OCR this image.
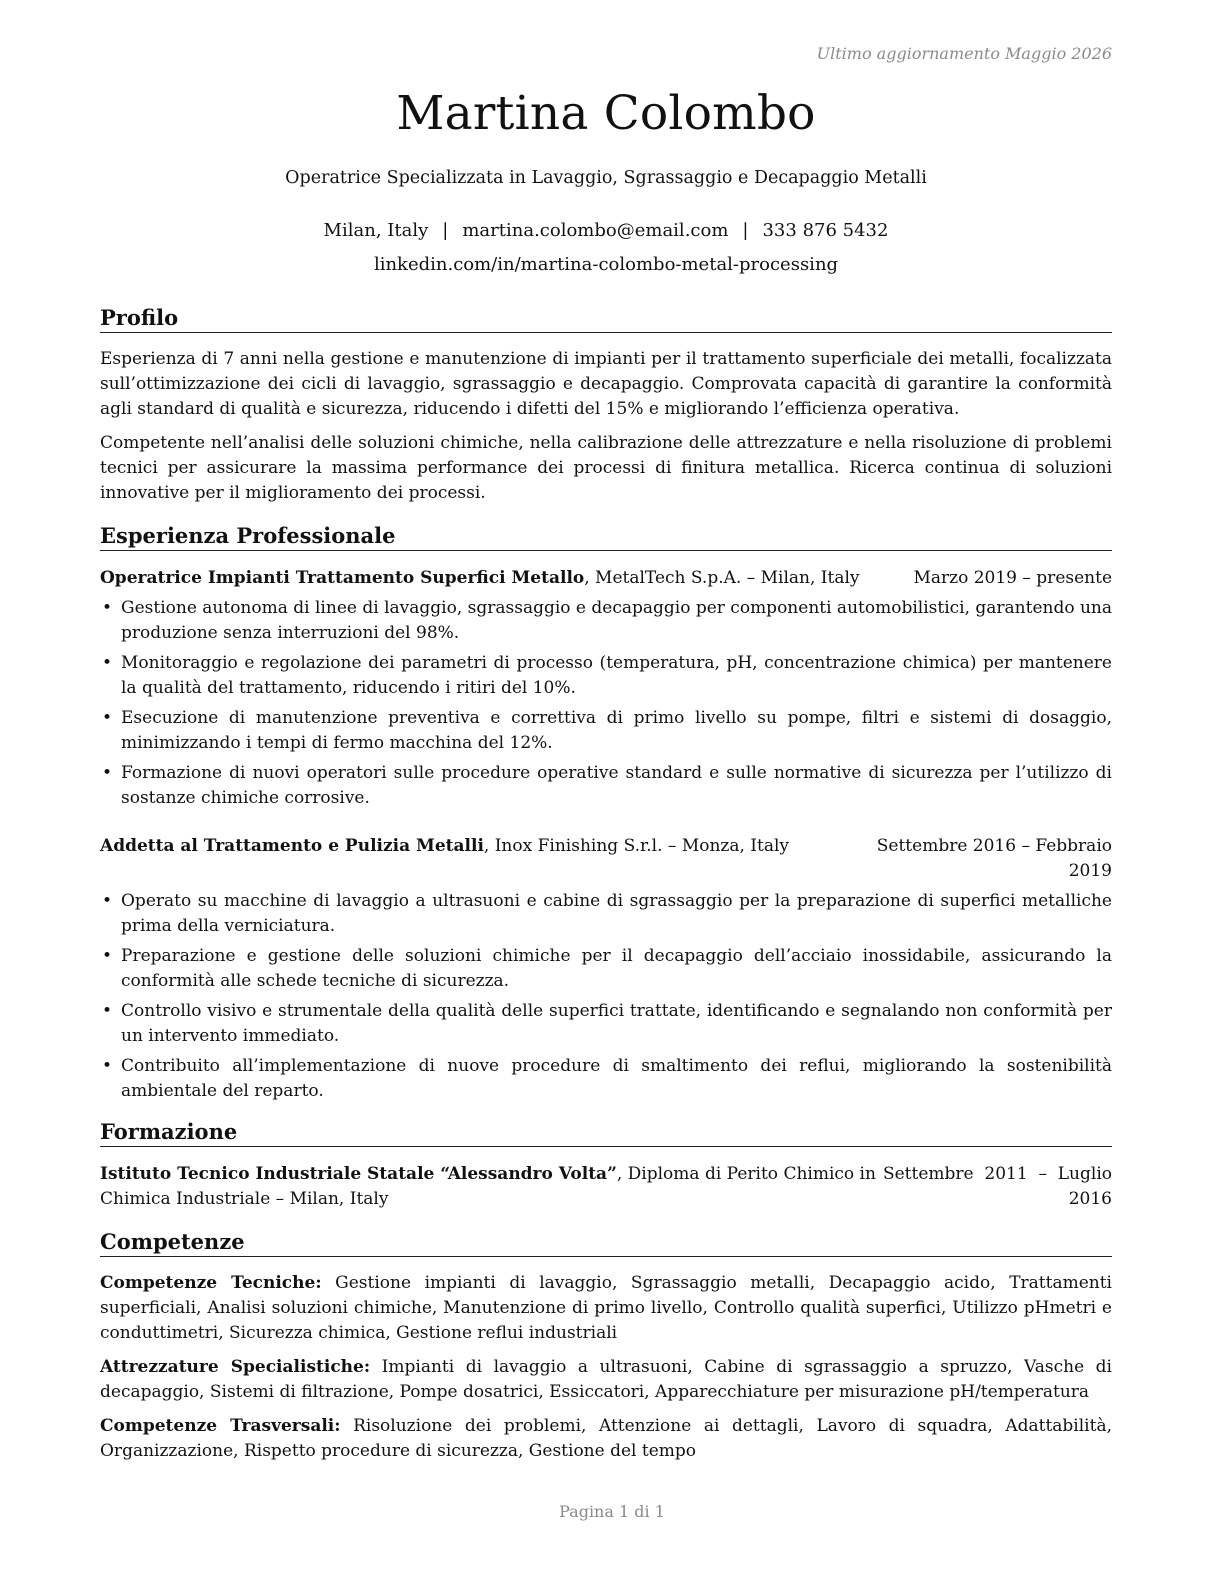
Ultimo aggiornamento Maggio 2026
Martina Colombo
Operatrice Specializzata in Lavaggio, Sgrassaggio e Decapaggio Metalli
Milan, Italy | martina.colombo@email.com | 333 876 5432
linkedin.com/in/martina-colombo-metal-processing
Profilo
Esperienza di 7 anni nella gestione e manutenzione di impianti per il trattamento superficiale dei metalli, focalizzata sull’ottimizzazione dei cicli di lavaggio, sgrassaggio e decapaggio. Comprovata capacità di garantire la conformità agli standard di qualità e sicurezza, riducendo i difetti del 15% e migliorando l’efficienza operativa.
Competente nell’analisi delle soluzioni chimiche, nella calibrazione delle attrezzature e nella risoluzione di problemi tecnici per assicurare la massima performance dei processi di finitura metallica. Ricerca continua di soluzioni innovative per il miglioramento dei processi.
Esperienza Professionale
Operatrice Impianti Trattamento Superfici Metallo, MetalTech S.p.A. – Milan, Italy	Marzo 2019 – presente
• Gestione autonoma di linee di lavaggio, sgrassaggio e decapaggio per componenti automobilistici, garantendo una produzione senza interruzioni del 98%.
• Monitoraggio e regolazione dei parametri di processo (temperatura, pH, concentrazione chimica) per mantenere la qualità del trattamento, riducendo i ritiri del 10%.
• Esecuzione di manutenzione preventiva e correttiva di primo livello su pompe, filtri e sistemi di dosaggio, minimizzando i tempi di fermo macchina del 12%.
• Formazione di nuovi operatori sulle procedure operative standard e sulle normative di sicurezza per l’utilizzo di sostanze chimiche corrosive.
Addetta al Trattamento e Pulizia Metalli, Inox Finishing S.r.l. – Monza, Italy	Settembre 2016 – Febbraio
2019
• Operato su macchine di lavaggio a ultrasuoni e cabine di sgrassaggio per la preparazione di superfici metalliche prima della verniciatura.
• Preparazione e gestione delle soluzioni chimiche per il decapaggio dell’acciaio inossidabile, assicurando la conformità alle schede tecniche di sicurezza.
• Controllo visivo e strumentale della qualità delle superfici trattate, identificando e segnalando non conformità per un intervento immediato.
• Contribuito all’implementazione di nuove procedure di smaltimento dei reflui, migliorando la sostenibilità ambientale del reparto.
Formazione
Istituto Tecnico Industriale Statale “Alessandro Volta”, Diploma di Perito Chimico in
Chimica Industriale – Milan, Italy
Settembre  2011  –  Luglio
2016
Competenze
Competenze Tecniche: Gestione impianti di lavaggio, Sgrassaggio metalli, Decapaggio acido, Trattamenti superficiali, Analisi soluzioni chimiche, Manutenzione di primo livello, Controllo qualità superfici, Utilizzo pHmetri e conduttimetri, Sicurezza chimica, Gestione reflui industriali
Attrezzature Specialistiche: Impianti di lavaggio a ultrasuoni, Cabine di sgrassaggio a spruzzo, Vasche di decapaggio, Sistemi di filtrazione, Pompe dosatrici, Essiccatori, Apparecchiature per misurazione pH/temperatura
Competenze Trasversali: Risoluzione dei problemi, Attenzione ai dettagli, Lavoro di squadra, Adattabilità, Organizzazione, Rispetto procedure di sicurezza, Gestione del tempo
Pagina 1 di 1
